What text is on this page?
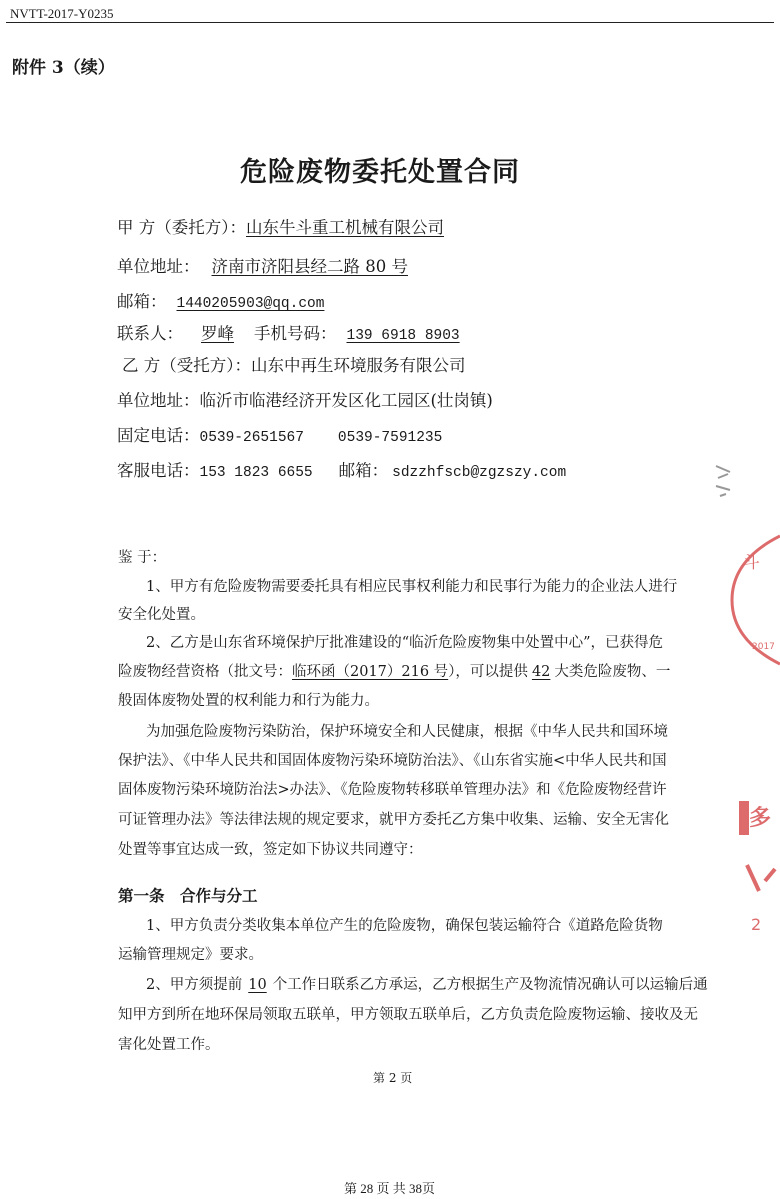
NVTT-2017-Y0235
附件 3（续）
危险废物委托处置合同
甲 方（委托方）：山东牛斗重工机械有限公司
单位地址： 济南市济阳县经二路 80 号
邮箱： 1440205903@qq.com
联系人： 罗峰 手机号码： 139 6918 8903
乙 方（受托方）：山东中再生环境服务有限公司
单位地址：临沂市临港经济开发区化工园区(壮岗镇)
固定电话：0539-2651567 0539-7591235
客服电话：153 1823 6655 邮箱： sdzzhfscb@zgzszy.com
鉴 于：
1、甲方有危险废物需要委托具有相应民事权利能力和民事行为能力的企业法人进行
安全化处置。
2、乙方是山东省环境保护厅批准建设的“临沂危险废物集中处置中心”，已获得危
险废物经营资格（批文号：临环函（2017）216 号），可以提供 42 大类危险废物、一
般固体废物处置的权利能力和行为能力。
为加强危险废物污染防治，保护环境安全和人民健康，根据《中华人民共和国环境
保护法》、《中华人民共和国固体废物污染环境防治法》、《山东省实施<中华人民共和国
固体废物污染环境防治法>办法》、《危险废物转移联单管理办法》和《危险废物经营许
可证管理办法》等法律法规的规定要求，就甲方委托乙方集中收集、运输、安全无害化
处置等事宜达成一致，签定如下协议共同遵守：
第一条　合作与分工
1、甲方负责分类收集本单位产生的危险废物，确保包装运输符合《道路危险货物
运输管理规定》要求。
2、甲方须提前 10 个工作日联系乙方承运，乙方根据生产及物流情况确认可以运输后通
知甲方到所在地环保局领取五联单，甲方领取五联单后，乙方负责危险废物运输、接收及无
害化处置工作。
第 2 页
斗
2017
多
2
第 28 页 共 38页
